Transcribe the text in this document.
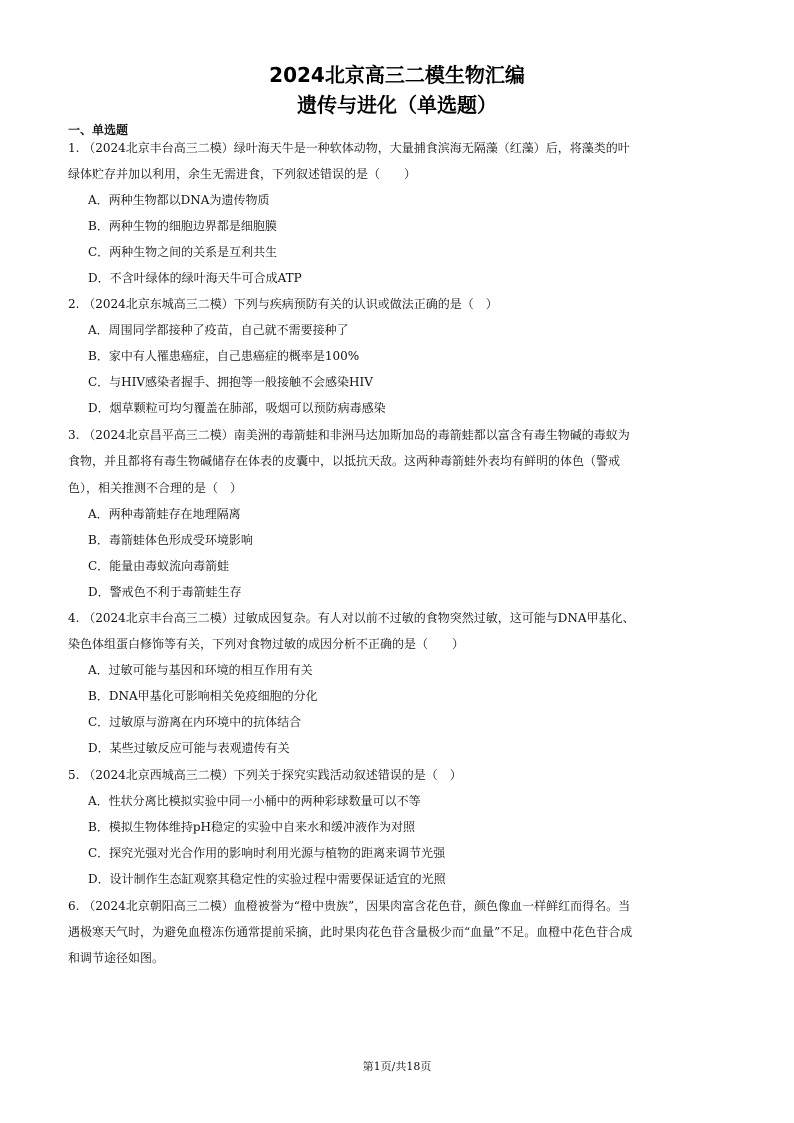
2024北京高三二模生物汇编
遗传与进化（单选题）
一、单选题
1. （2024北京丰台高三二模）绿叶海天牛是一种软体动物，大量捕食滨海无隔藻（红藻）后，将藻类的叶
绿体贮存并加以利用，余生无需进食，下列叙述错误的是（　　）
A．两种生物都以DNA为遗传物质
B．两种生物的细胞边界都是细胞膜
C．两种生物之间的关系是互利共生
D．不含叶绿体的绿叶海天牛可合成ATP
2. （2024北京东城高三二模）下列与疾病预防有关的认识或做法正确的是（　）
A．周围同学都接种了疫苗，自己就不需要接种了
B．家中有人罹患癌症，自己患癌症的概率是100%
C．与HIV感染者握手、拥抱等一般接触不会感染HIV
D．烟草颗粒可均匀覆盖在肺部，吸烟可以预防病毒感染
3. （2024北京昌平高三二模）南美洲的毒箭蛙和非洲马达加斯加岛的毒箭蛙都以富含有毒生物碱的毒蚁为
食物，并且都将有毒生物碱储存在体表的皮囊中，以抵抗天敌。这两种毒箭蛙外表均有鲜明的体色（警戒
色），相关推测不合理的是（　）
A．两种毒箭蛙存在地理隔离
B．毒箭蛙体色形成受环境影响
C．能量由毒蚁流向毒箭蛙
D．警戒色不利于毒箭蛙生存
4. （2024北京丰台高三二模）过敏成因复杂。有人对以前不过敏的食物突然过敏，这可能与DNA甲基化、
染色体组蛋白修饰等有关，下列对食物过敏的成因分析不正确的是（　　）
A．过敏可能与基因和环境的相互作用有关
B．DNA甲基化可影响相关免疫细胞的分化
C．过敏原与游离在内环境中的抗体结合
D．某些过敏反应可能与表观遗传有关
5. （2024北京西城高三二模）下列关于探究实践活动叙述错误的是（　）
A．性状分离比模拟实验中同一小桶中的两种彩球数量可以不等
B．模拟生物体维持pH稳定的实验中自来水和缓冲液作为对照
C．探究光强对光合作用的影响时利用光源与植物的距离来调节光强
D．设计制作生态缸观察其稳定性的实验过程中需要保证适宜的光照
6. （2024北京朝阳高三二模）血橙被誉为“橙中贵族”，因果肉富含花色苷，颜色像血一样鲜红而得名。当
遇极寒天气时，为避免血橙冻伤通常提前采摘，此时果肉花色苷含量极少而“血量”不足。血橙中花色苷合成
和调节途径如图。
第1页/共18页
